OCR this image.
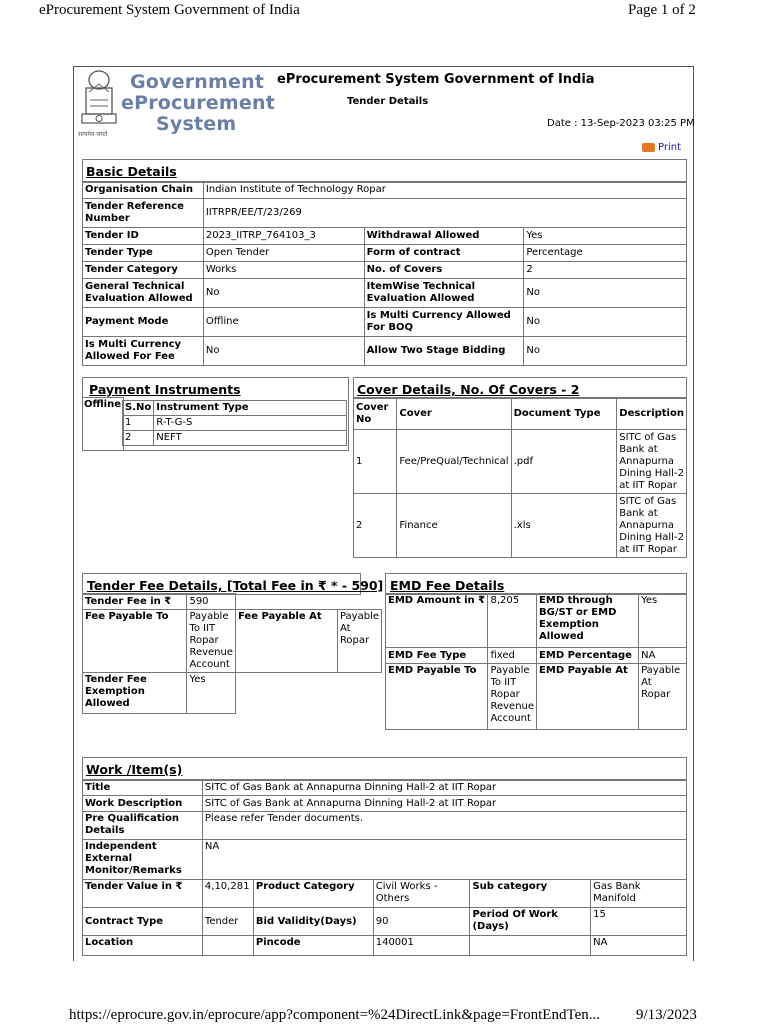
eProcurement System Government of India	Page 1 of 2
https://eprocure.gov.in/eprocure/app?component=%24DirectLink&page=FrontEndTen... 9/13/2023
सत्यमेव जयते
Government
eProcurement
System
eProcurement System Government of India
Tender Details
Date : 13-Sep-2023 03:25 PM
Print
Basic Details
Organisation Chain	Indian Institute of Technology Ropar		
Tender Reference Number	IITRPR/EE/T/23/269		
Tender ID	2023_IITRP_764103_3	Withdrawal Allowed	Yes
Tender Type	Open Tender	Form of contract	Percentage
Tender Category	Works	No. of Covers	2
General Technical Evaluation Allowed	No	ItemWise Technical Evaluation Allowed	No
Payment Mode	Offline	Is Multi Currency Allowed For BOQ	No
Is Multi Currency Allowed For Fee	No	Allow Two Stage Bidding	No
Payment Instruments
Offline S.No	Instrument Type
1	R-T-G-S
2	NEFT
Cover Details, No. Of Covers - 2
Cover No	Cover	Document Type	Description
1	Fee/PreQual/Technical	.pdf	SITC of Gas Bank at Annapurna Dining Hall-2 at IIT Ropar
2	Finance	.xls	SITC of Gas Bank at Annapurna Dining Hall-2 at IIT Ropar
Tender Fee Details, [Total Fee in ₹ * - 590]
Tender Fee in ₹	590		
Fee Payable To	Payable To IIT Ropar Revenue Account	Fee Payable At	Payable At Ropar
Tender Fee Exemption Allowed	Yes		
EMD Fee Details
EMD Amount in ₹	8,205	EMD through BG/ST or EMD Exemption Allowed	Yes
EMD Fee Type	fixed	EMD Percentage	NA
EMD Payable To	Payable To IIT Ropar Revenue Account	EMD Payable At	Payable At Ropar
Work /Item(s)
Title	SITC of Gas Bank at Annapurna Dinning Hall-2 at IIT Ropar				
Work Description	SITC of Gas Bank at Annapurna Dinning Hall-2 at IIT Ropar				
Pre Qualification Details	Please refer Tender documents.				
Independent External Monitor/Remarks	NA				
Tender Value in ₹	4,10,281	Product Category	Civil Works - Others	Sub category	Gas Bank Manifold
Contract Type	Tender	Bid Validity(Days)	90	Period Of Work (Days)	15
Location		Pincode	140001		NA
